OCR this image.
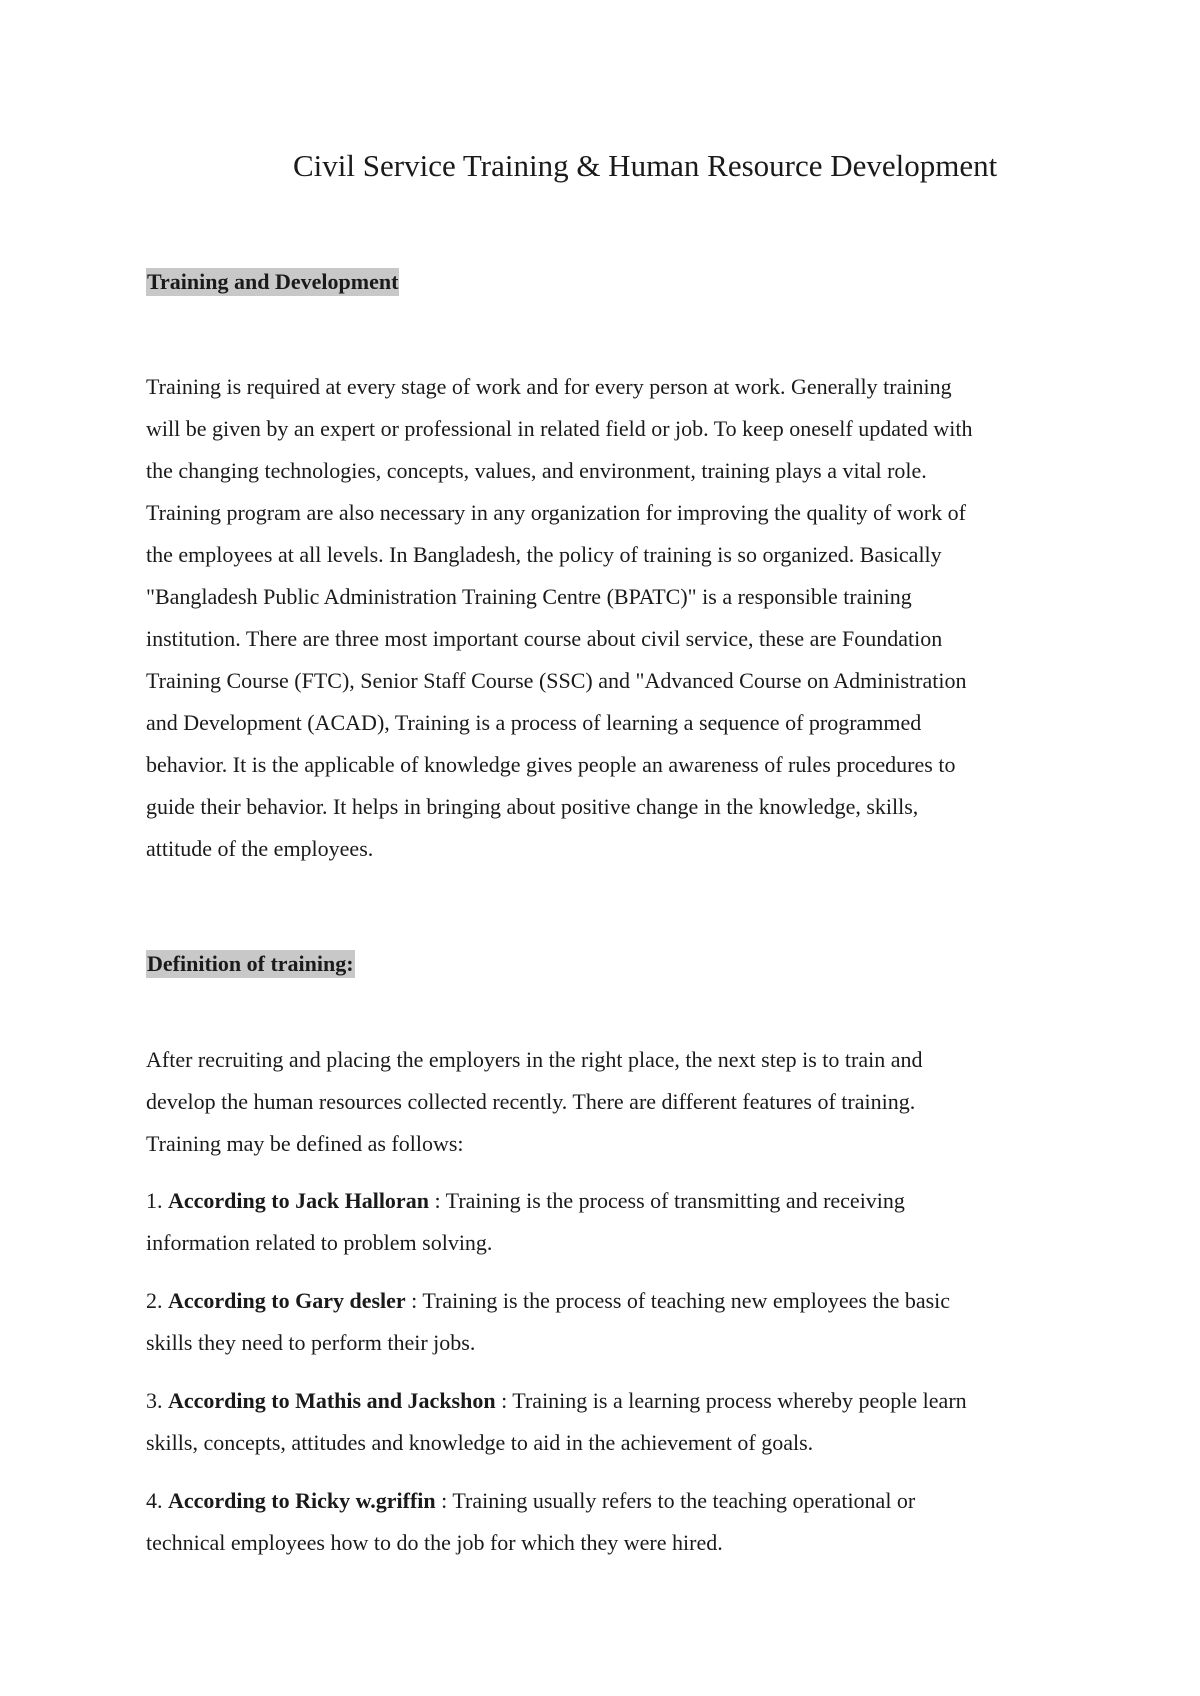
Civil Service Training & Human Resource Development
Training and Development

Training is required at every stage of work and for every person at work. Generally training
will be given by an expert or professional in related field or job. To keep oneself updated with
the changing technologies, concepts, values, and environment, training plays a vital role.
Training program are also necessary in any organization for improving the quality of work of
the employees at all levels. In Bangladesh, the policy of training is so organized. Basically
"Bangladesh Public Administration Training Centre (BPATC)" is a responsible training
institution. There are three most important course about civil service, these are Foundation
Training Course (FTC), Senior Staff Course (SSC) and "Advanced Course on Administration
and Development (ACAD), Training is a process of learning a sequence of programmed
behavior. It is the applicable of knowledge gives people an awareness of rules procedures to
guide their behavior. It helps in bringing about positive change in the knowledge, skills,
attitude of the employees.

Definition of training:

After recruiting and placing the employers in the right place, the next step is to train and
develop the human resources collected recently. There are different features of training.
Training may be defined as follows:

1. According to Jack Halloran : Training is the process of transmitting and receiving
information related to problem solving.

2. According to Gary desler : Training is the process of teaching new employees the basic
skills they need to perform their jobs.

3. According to Mathis and Jackshon : Training is a learning process whereby people learn
skills, concepts, attitudes and knowledge to aid in the achievement of goals.

4. According to Ricky w.griffin : Training usually refers to the teaching operational or
technical employees how to do the job for which they were hired.
